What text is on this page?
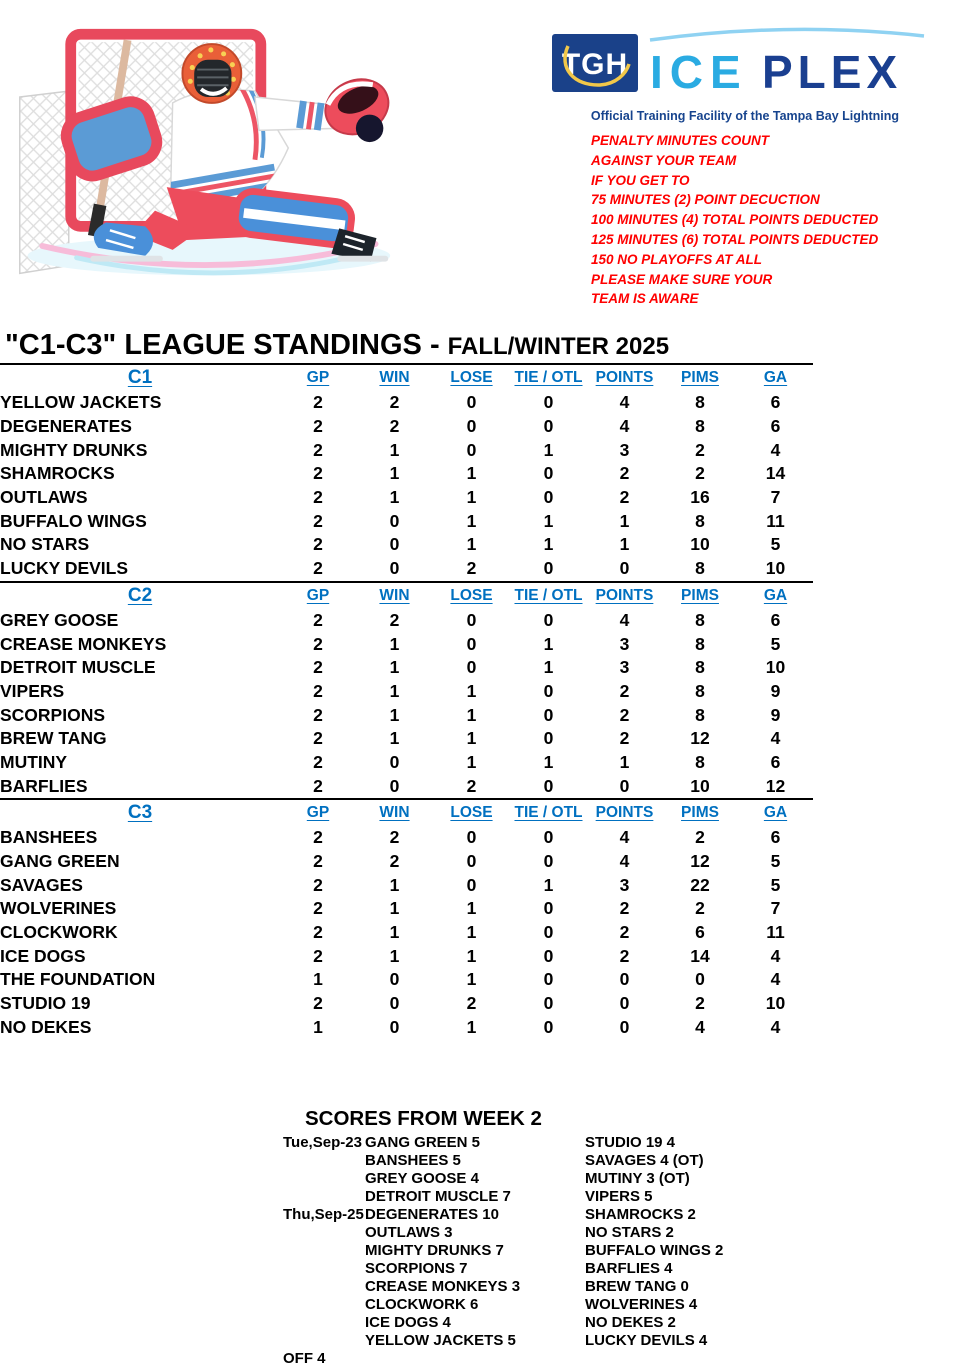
TGH ICE PLEX
Official Training Facility of the Tampa Bay Lightning
PENALTY MINUTES COUNT
AGAINST YOUR TEAM
IF YOU GET TO
75 MINUTES (2) POINT DECUCTION
100 MINUTES (4) TOTAL POINTS DEDUCTED
125 MINUTES (6) TOTAL POINTS DEDUCTED
150 NO PLAYOFFS AT ALL
PLEASE MAKE SURE YOUR
TEAM IS AWARE
"C1-C3" LEAGUE STANDINGS - FALL/WINTER 2025
C1	GP	WIN	LOSE	TIE / OTL	POINTS	PIMS	GA
YELLOW JACKETS	2	2	0	0	4	8	6
DEGENERATES	2	2	0	0	4	8	6
MIGHTY DRUNKS	2	1	0	1	3	2	4
SHAMROCKS	2	1	1	0	2	2	14
OUTLAWS	2	1	1	0	2	16	7
BUFFALO WINGS	2	0	1	1	1	8	11
NO STARS	2	0	1	1	1	10	5
LUCKY DEVILS	2	0	2	0	0	8	10
C2	GP	WIN	LOSE	TIE / OTL	POINTS	PIMS	GA
GREY GOOSE	2	2	0	0	4	8	6
CREASE MONKEYS	2	1	0	1	3	8	5
DETROIT MUSCLE	2	1	0	1	3	8	10
VIPERS	2	1	1	0	2	8	9
SCORPIONS	2	1	1	0	2	8	9
BREW TANG	2	1	1	0	2	12	4
MUTINY	2	0	1	1	1	8	6
BARFLIES	2	0	2	0	0	10	12
C3	GP	WIN	LOSE	TIE / OTL	POINTS	PIMS	GA
BANSHEES	2	2	0	0	4	2	6
GANG GREEN	2	2	0	0	4	12	5
SAVAGES	2	1	0	1	3	22	5
WOLVERINES	2	1	1	0	2	2	7
CLOCKWORK	2	1	1	0	2	6	11
ICE DOGS	2	1	1	0	2	14	4
THE FOUNDATION	1	0	1	0	0	0	4
STUDIO 19	2	0	2	0	0	2	10
NO DEKES	1	0	1	0	0	4	4
SCORES FROM WEEK 2
Tue,Sep-23 GANG GREEN 5	STUDIO 19 4
BANSHEES 5	SAVAGES 4 (OT)
GREY GOOSE 4	MUTINY 3 (OT)
DETROIT MUSCLE 7	VIPERS 5
Thu,Sep-25 DEGENERATES 10	SHAMROCKS 2
OUTLAWS 3	NO STARS 2
MIGHTY DRUNKS 7	BUFFALO WINGS 2
SCORPIONS 7	BARFLIES 4
CREASE MONKEYS 3	BREW TANG 0
CLOCKWORK 6	WOLVERINES 4
ICE DOGS 4	NO DEKES 2
YELLOW JACKETS 5	LUCKY DEVILS 4
OFF 4
